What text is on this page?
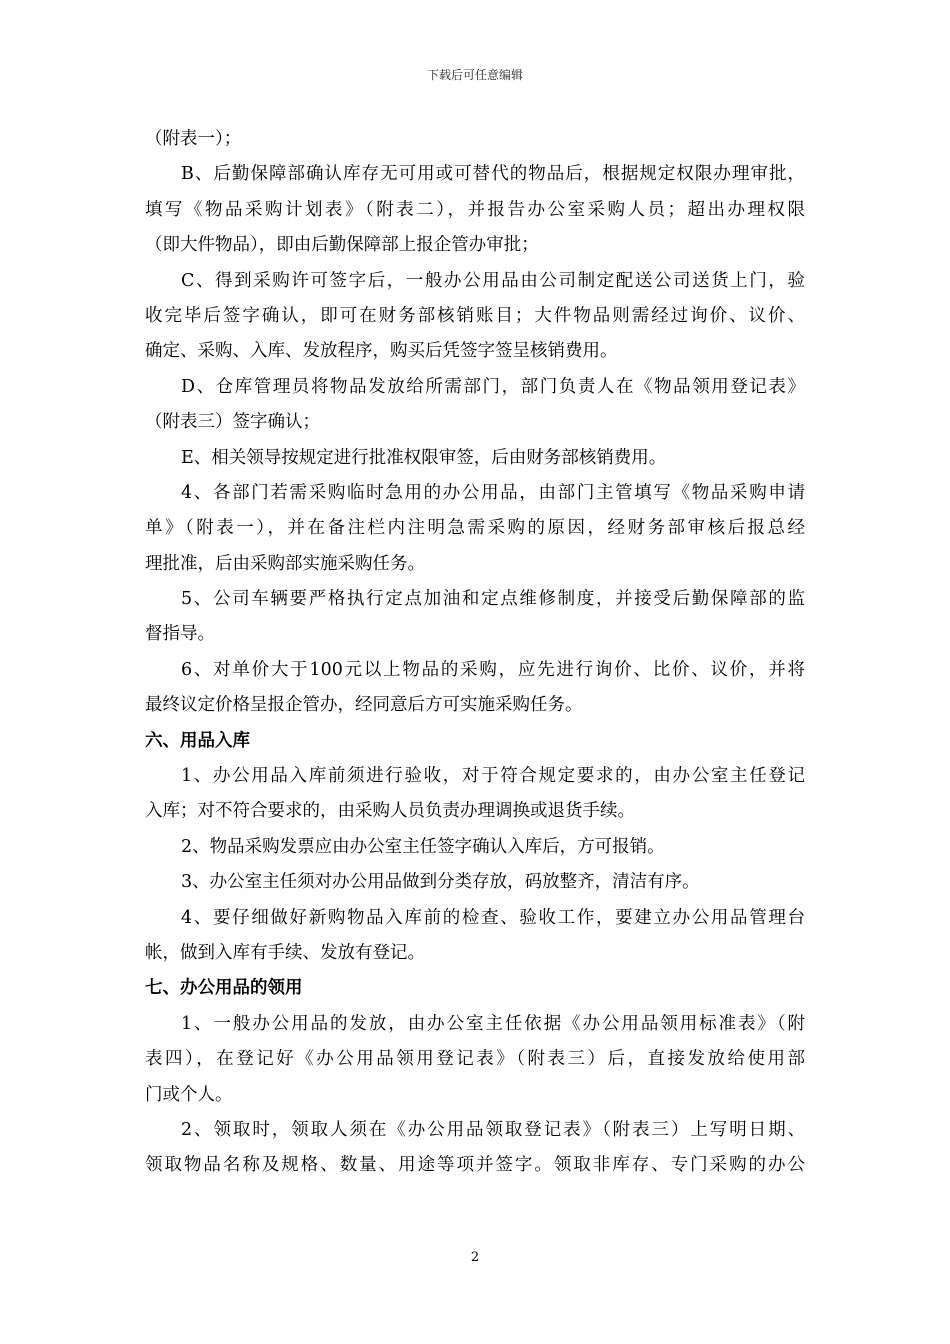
下载后可任意编辑
（附表一）；
B、后勤保障部确认库存无可用或可替代的物品后，根据规定权限办理审批，
填写《物品采购计划表》（附表二），并报告办公室采购人员；超出办理权限
（即大件物品），即由后勤保障部上报企管办审批；
C、得到采购许可签字后，一般办公用品由公司制定配送公司送货上门，验
收完毕后签字确认，即可在财务部核销账目；大件物品则需经过询价、议价、
确定、采购、入库、发放程序，购买后凭签字签呈核销费用。
D、仓库管理员将物品发放给所需部门，部门负责人在《物品领用登记表》
（附表三）签字确认；
E、相关领导按规定进行批准权限审签，后由财务部核销费用。
4、各部门若需采购临时急用的办公用品，由部门主管填写《物品采购申请
单》（附表一），并在备注栏内注明急需采购的原因，经财务部审核后报总经
理批准，后由采购部实施采购任务。
5、公司车辆要严格执行定点加油和定点维修制度，并接受后勤保障部的监
督指导。
6、对单价大于100元以上物品的采购，应先进行询价、比价、议价，并将
最终议定价格呈报企管办，经同意后方可实施采购任务。
六、用品入库
1、办公用品入库前须进行验收，对于符合规定要求的，由办公室主任登记
入库；对不符合要求的，由采购人员负责办理调换或退货手续。
2、物品采购发票应由办公室主任签字确认入库后，方可报销。
3、办公室主任须对办公用品做到分类存放，码放整齐，清洁有序。
4、要仔细做好新购物品入库前的检查、验收工作，要建立办公用品管理台
帐，做到入库有手续、发放有登记。
七、办公用品的领用
1、一般办公用品的发放，由办公室主任依据《办公用品领用标准表》（附
表四），在登记好《办公用品领用登记表》（附表三）后，直接发放给使用部
门或个人。
2、领取时，领取人须在《办公用品领取登记表》（附表三）上写明日期、
领取物品名称及规格、数量、用途等项并签字。领取非库存、专门采购的办公
2
